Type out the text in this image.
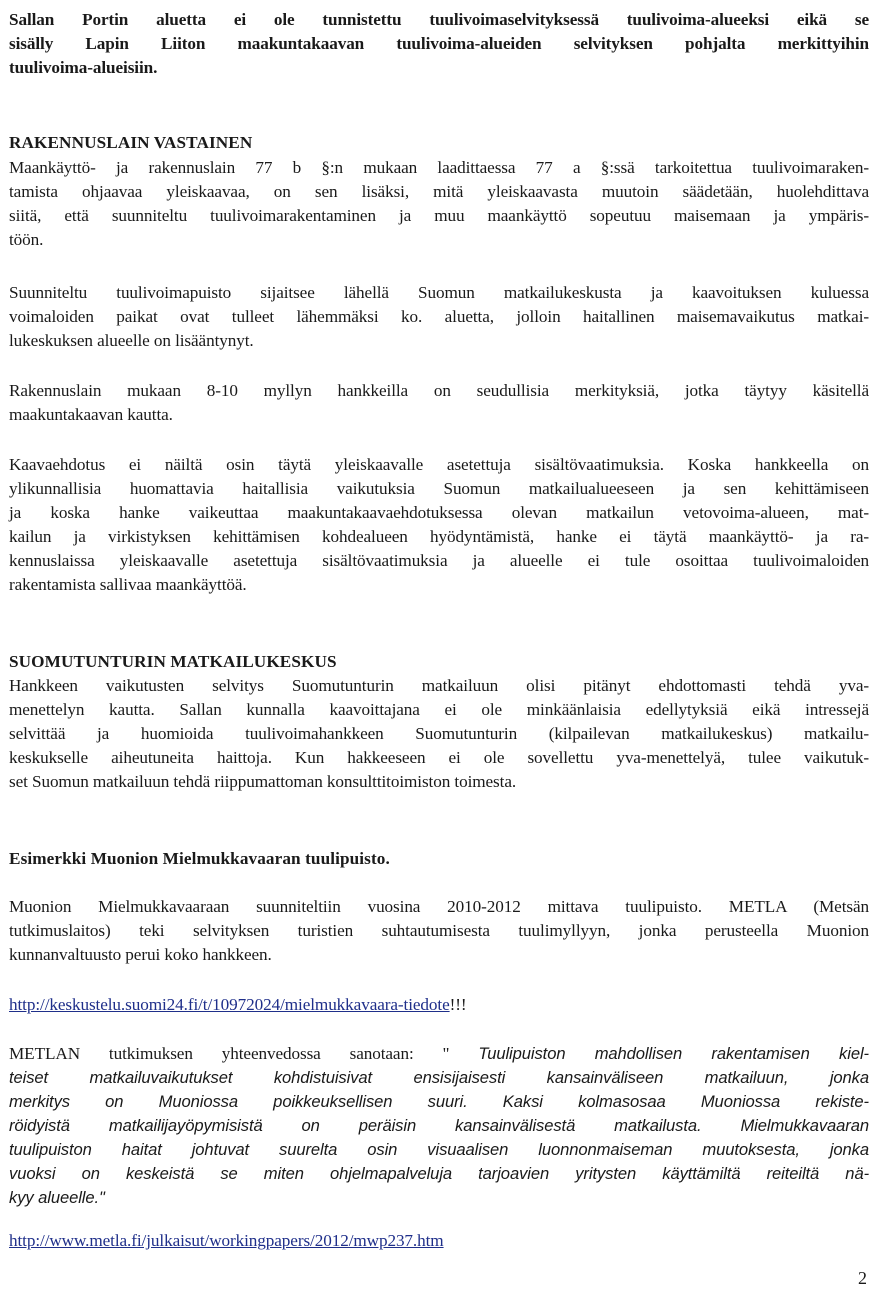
Sallan Portin aluetta ei ole tunnistettu tuulivoimaselvityksessä tuulivoima-alueeksi eikä se
sisälly Lapin Liiton maakuntakaavan tuulivoima-alueiden selvityksen pohjalta merkittyihin
tuulivoima-alueisiin.
RAKENNUSLAIN VASTAINEN
Maankäyttö- ja rakennuslain 77 b §:n mukaan laadittaessa 77 a §:ssä tarkoitettua tuulivoimaraken-
tamista ohjaavaa yleiskaavaa, on sen lisäksi, mitä yleiskaavasta muutoin säädetään, huolehdittava
siitä, että suunniteltu tuulivoimarakentaminen ja muu maankäyttö sopeutuu maisemaan ja ympäris-
töön.
Suunniteltu tuulivoimapuisto sijaitsee lähellä Suomun matkailukeskusta ja kaavoituksen kuluessa
voimaloiden paikat ovat tulleet lähemmäksi ko. aluetta, jolloin haitallinen maisemavaikutus matkai-
lukeskuksen alueelle on lisääntynyt.
Rakennuslain mukaan 8-10 myllyn hankkeilla on seudullisia merkityksiä, jotka täytyy käsitellä
maakuntakaavan kautta.
Kaavaehdotus ei näiltä osin täytä yleiskaavalle asetettuja sisältövaatimuksia. Koska hankkeella on
ylikunnallisia huomattavia haitallisia vaikutuksia Suomun matkailualueeseen ja sen kehittämiseen
ja koska hanke vaikeuttaa maakuntakaavaehdotuksessa olevan matkailun vetovoima-alueen, mat-
kailun ja virkistyksen kehittämisen kohdealueen hyödyntämistä, hanke ei täytä maankäyttö- ja ra-
kennuslaissa yleiskaavalle asetettuja sisältövaatimuksia ja alueelle ei tule osoittaa tuulivoimaloiden
rakentamista sallivaa maankäyttöä.
SUOMUTUNTURIN MATKAILUKESKUS
Hankkeen vaikutusten selvitys Suomutunturin matkailuun olisi pitänyt ehdottomasti tehdä yva-
menettelyn kautta. Sallan kunnalla kaavoittajana ei ole minkäänlaisia edellytyksiä eikä intressejä
selvittää ja huomioida tuulivoimahankkeen Suomutunturin (kilpailevan matkailukeskus) matkailu-
keskukselle aiheutuneita haittoja. Kun hakkeeseen ei ole sovellettu yva-menettelyä, tulee vaikutuk-
set Suomun matkailuun tehdä riippumattoman konsulttitoimiston toimesta.
Esimerkki Muonion Mielmukkavaaran tuulipuisto.
Muonion Mielmukkavaaraan suunniteltiin vuosina 2010-2012 mittava tuulipuisto. METLA (Metsän
tutkimuslaitos) teki selvityksen turistien suhtautumisesta tuulimyllyyn, jonka perusteella Muonion
kunnanvaltuusto perui koko hankkeen.
http://keskustelu.suomi24.fi/t/10972024/mielmukkavaara-tiedote!!!
METLAN tutkimuksen yhteenvedossa sanotaan: " Tuulipuiston mahdollisen rakentamisen kiel-
teiset matkailuvaikutukset kohdistuisivat ensisijaisesti kansainväliseen matkailuun, jonka
merkitys on Muoniossa poikkeuksellisen suuri. Kaksi kolmasosaa Muoniossa rekiste-
röidyistä matkailijayöpymisistä on peräisin kansainvälisestä matkailusta. Mielmukkavaaran
tuulipuiston haitat johtuvat suurelta osin visuaalisen luonnonmaiseman muutoksesta, jonka
vuoksi on keskeistä se miten ohjelmapalveluja tarjoavien yritysten käyttämiltä reiteiltä nä-
kyy alueelle."
http://www.metla.fi/julkaisut/workingpapers/2012/mwp237.htm
2
